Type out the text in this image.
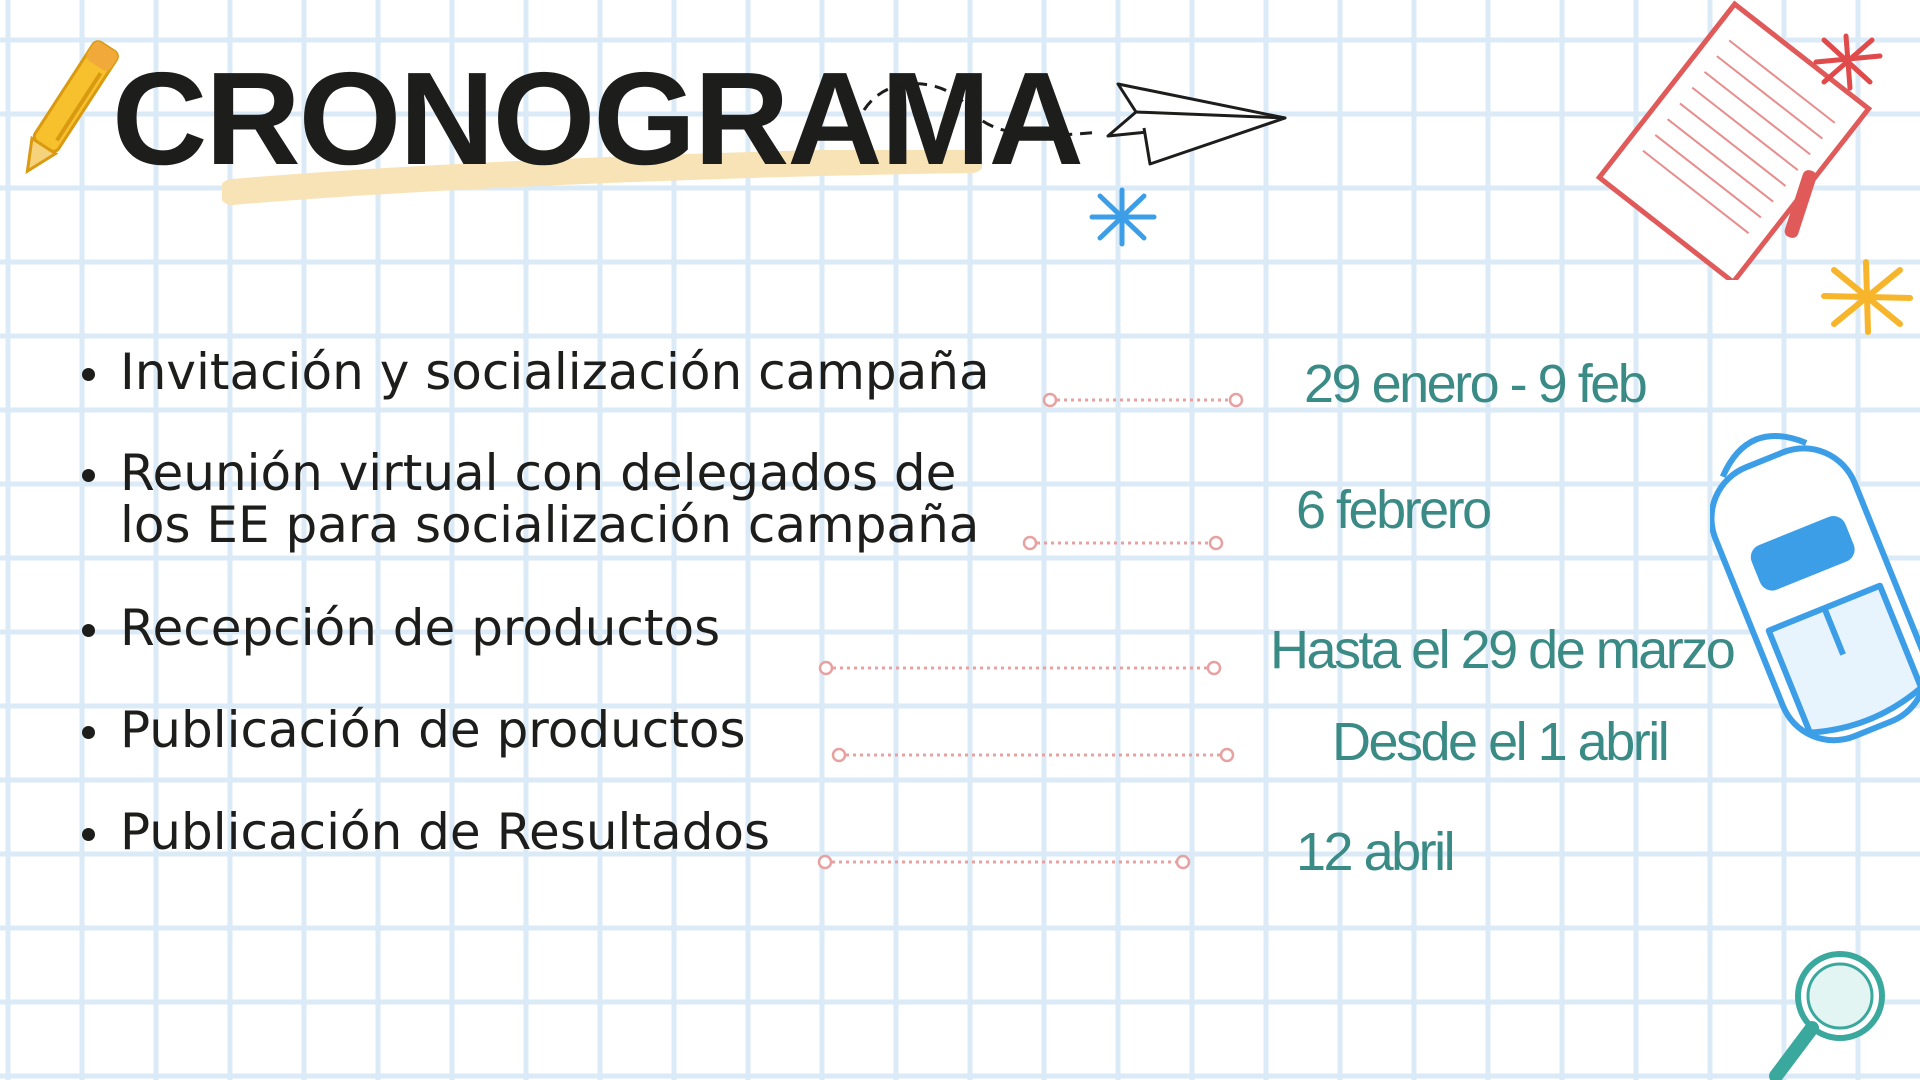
CRONOGRAMA
Invitación y socialización campaña
Reunión virtual con delegados de
los EE para socialización campaña
Recepción de productos
Publicación de productos
Publicación de Resultados
29 enero - 9 feb
6 febrero
Hasta el 29 de marzo
Desde el 1 abril
12 abril
